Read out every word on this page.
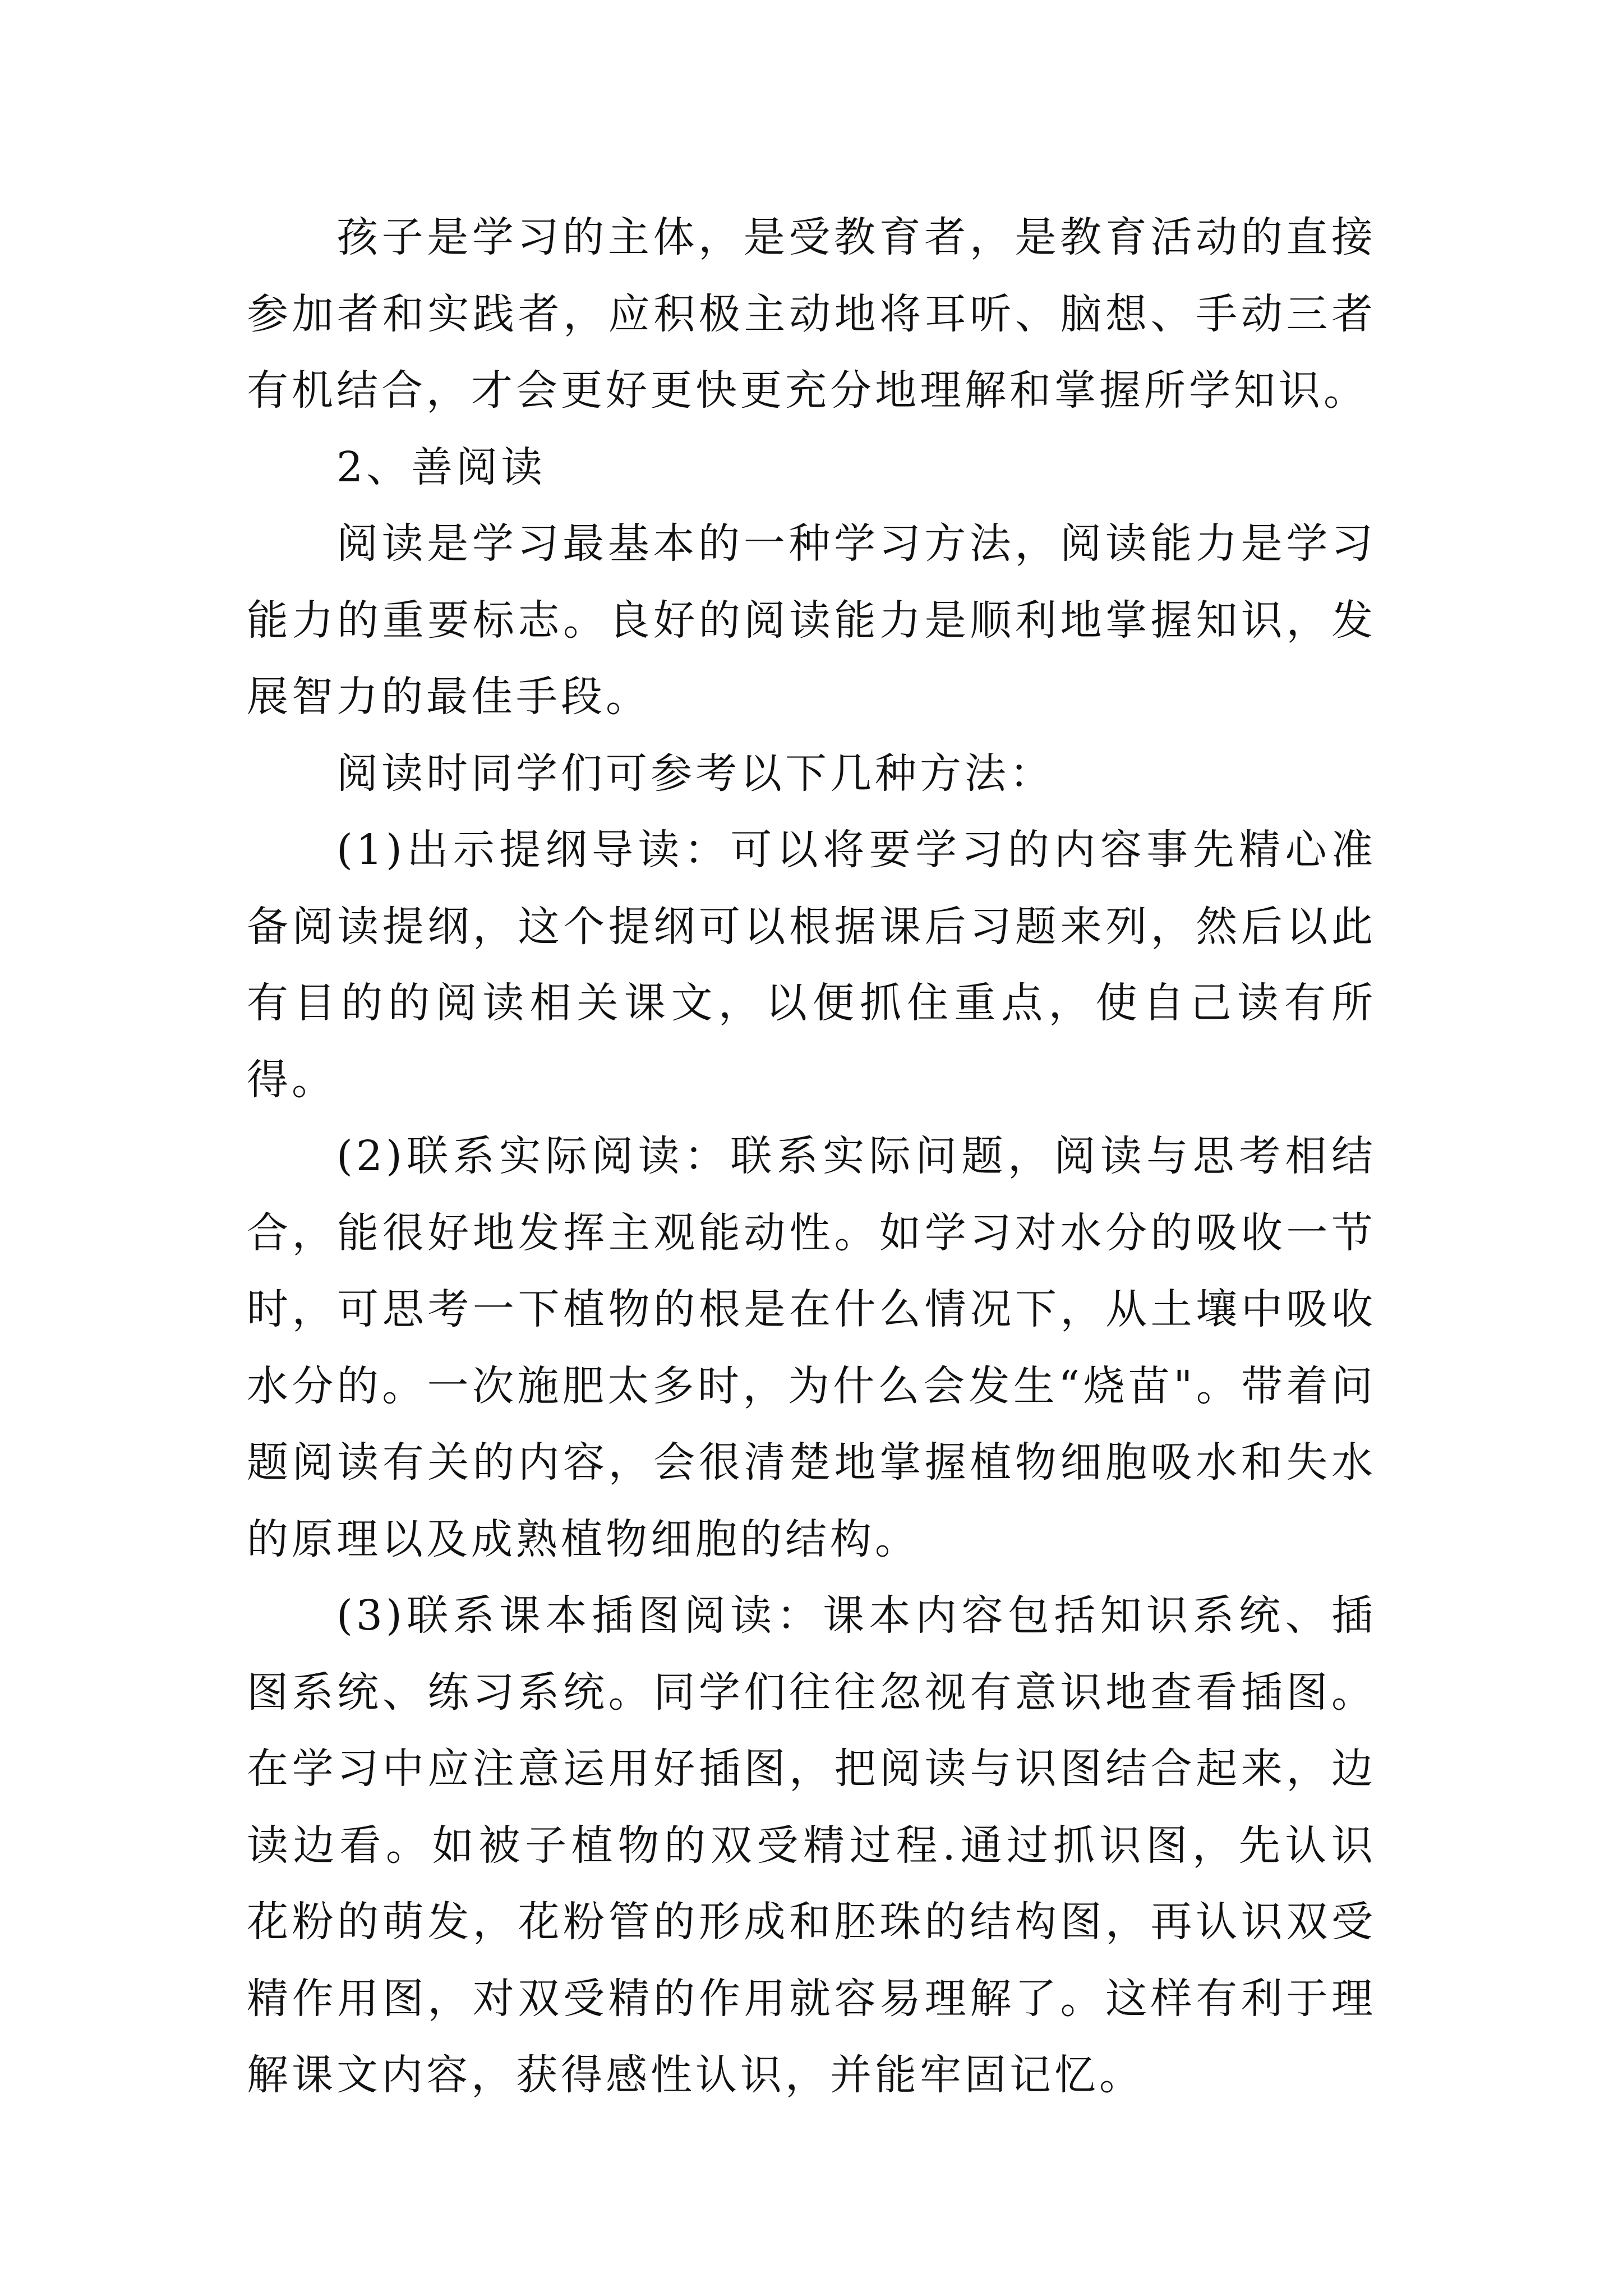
孩子是学习的主体，是受教育者，是教育活动的直接参加者和实践者，应积极主动地将耳听、脑想、手动三者有机结合，才会更好更快更充分地理解和掌握所学知识。

2、善阅读

阅读是学习最基本的一种学习方法，阅读能力是学习能力的重要标志。良好的阅读能力是顺利地掌握知识，发展智力的最佳手段。

阅读时同学们可参考以下几种方法：

(1)出示提纲导读：可以将要学习的内容事先精心准备阅读提纲，这个提纲可以根据课后习题来列，然后以此有目的的阅读相关课文，以便抓住重点，使自己读有所得。

(2)联系实际阅读：联系实际问题，阅读与思考相结合，能很好地发挥主观能动性。如学习对水分的吸收一节时，可思考一下植物的根是在什么情况下，从土壤中吸收水分的。一次施肥太多时，为什么会发生“烧苗"。带着问题阅读有关的内容，会很清楚地掌握植物细胞吸水和失水的原理以及成熟植物细胞的结构。

(3)联系课本插图阅读：课本内容包括知识系统、插图系统、练习系统。同学们往往忽视有意识地查看插图。在学习中应注意运用好插图，把阅读与识图结合起来，边读边看。如被子植物的双受精过程.通过抓识图，先认识花粉的萌发，花粉管的形成和胚珠的结构图，再认识双受精作用图，对双受精的作用就容易理解了。这样有利于理解课文内容，获得感性认识，并能牢固记忆。
